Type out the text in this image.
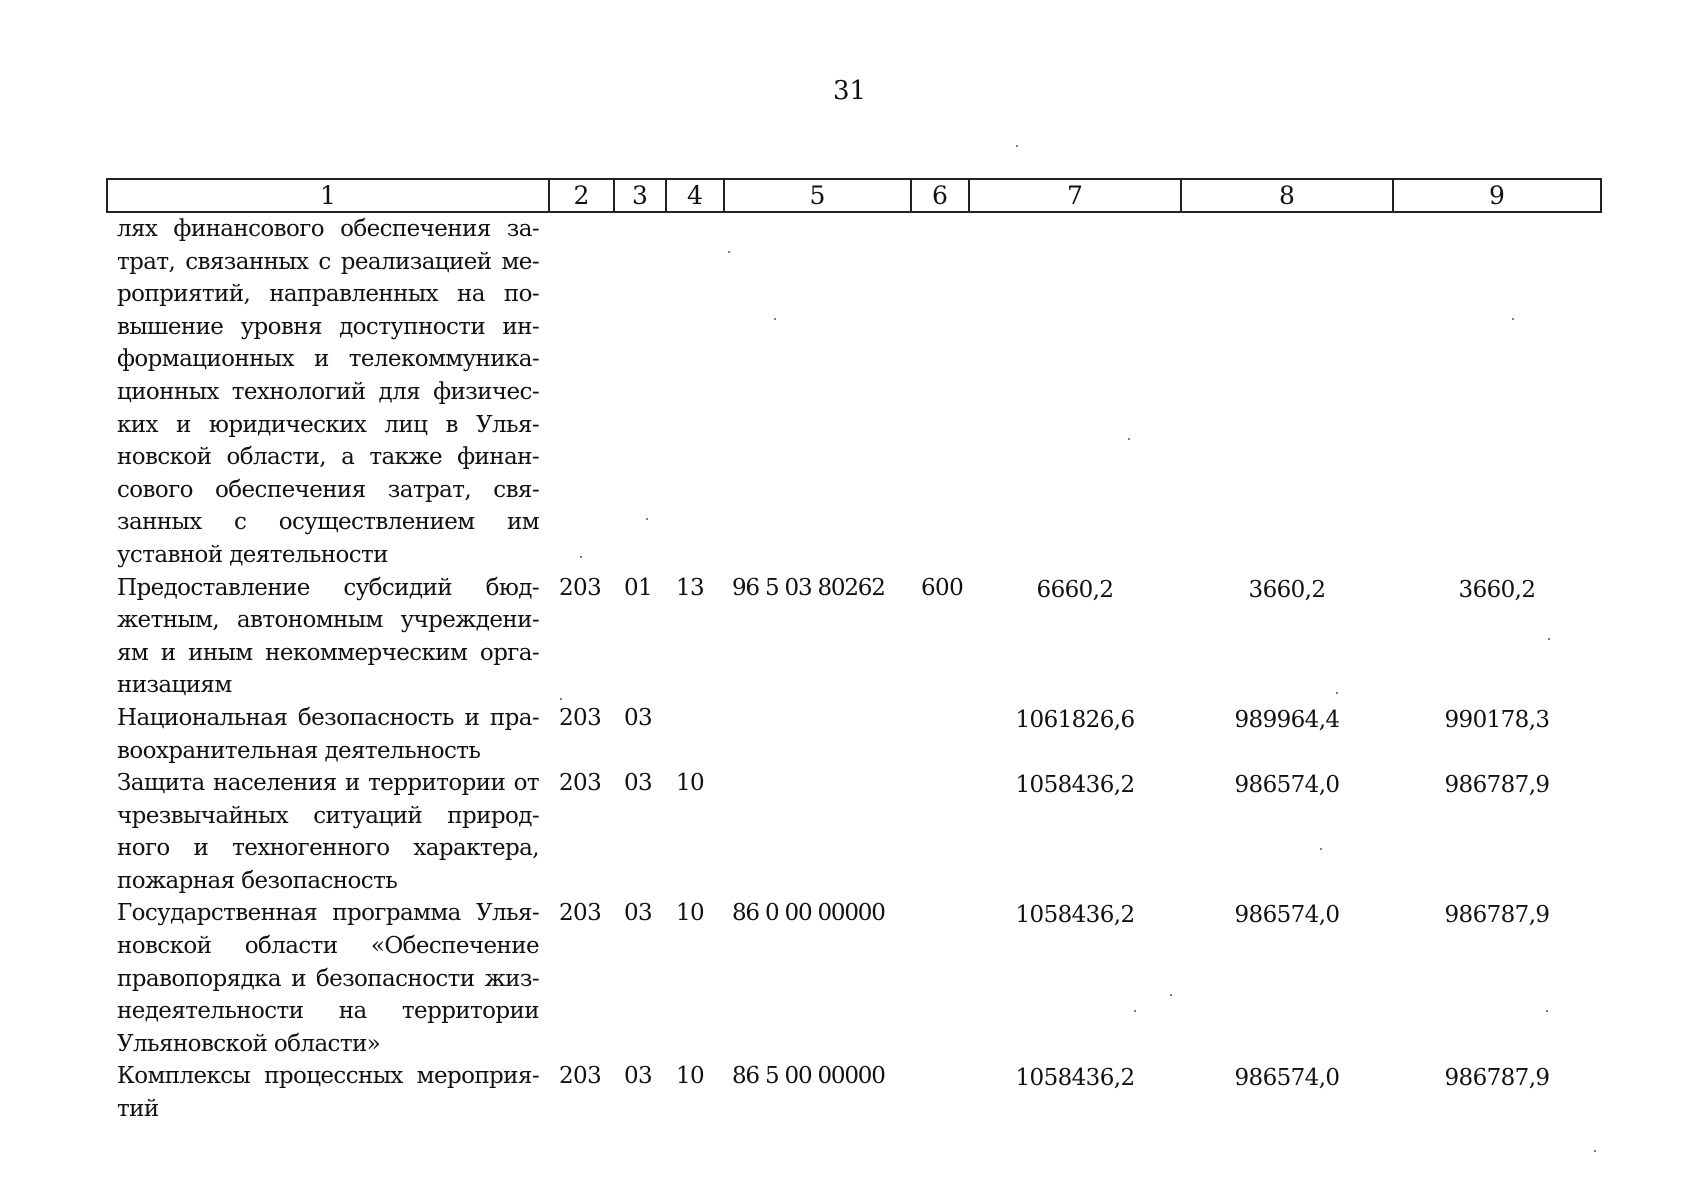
31
1	2	3	4	5	6	7	8	9
лях финансового обеспечения за-трат, связанных с реализацией ме-роприятий, направленных на по-вышение уровня доступности ин-формационных и телекоммуника-ционных технологий для физичес-ких и юридических лиц в Улья-новской области, а также финан-сового обеспечения затрат, свя-занных с осуществлением им уставной деятельности								
Предоставление субсидий бюд-жетным, автономным учреждени-ям и иным некоммерческим орга-низациям	203	01	13	96 5 03 80262	600	6660,2	3660,2	3660,2
Национальная безопасность и пра-воохранительная деятельность	203	03				1061826,6	989964,4	990178,3
Защита населения и территории от чрезвычайных ситуаций природ-ного и техногенного характера, пожарная безопасность	203	03	10			1058436,2	986574,0	986787,9
Государственная программа Улья-новской области «Обеспечение правопорядка и безопасности жиз-недеятельности на территории Ульяновской области»	203	03	10	86 0 00 00000		1058436,2	986574,0	986787,9
Комплексы процессных мероприя-тий	203	03	10	86 5 00 00000		1058436,2	986574,0	986787,9
